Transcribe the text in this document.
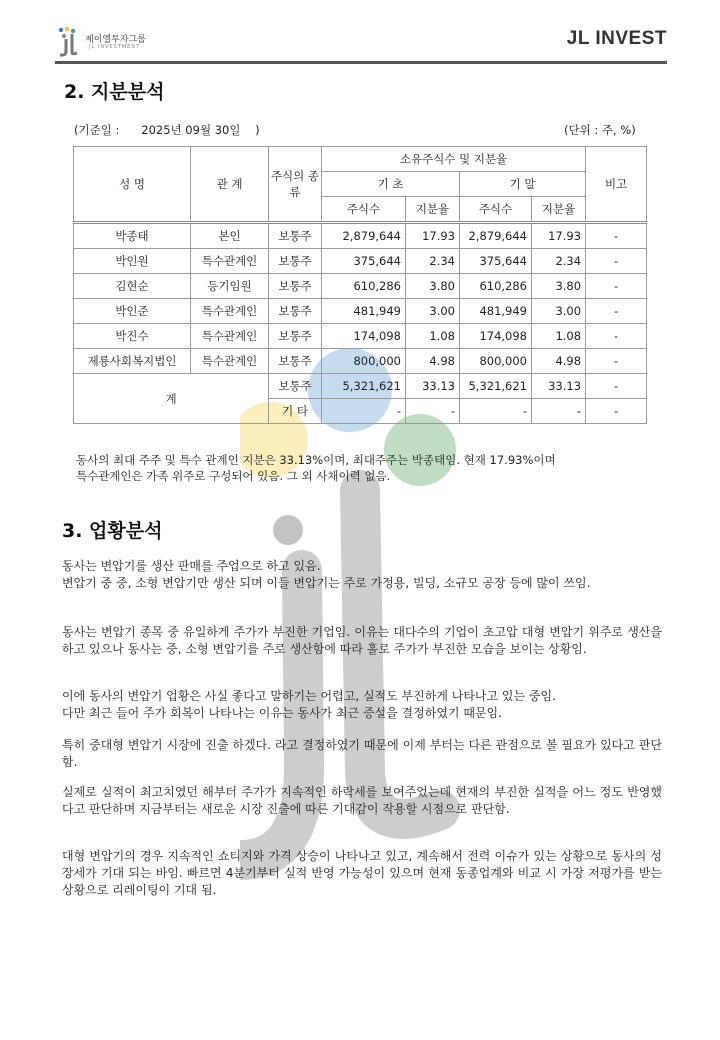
제이엘투자그룹
JL INVESTMENT	JL INVEST
2. 지분분석
(기준일 :      2025년 09월 30일    )	(단위 : 주, %)
성 명	관 계	주식의 종류	소유주식수 및 지분율				비고
			기 초		기 말		
			주식수	지분율	주식수	지분율	
박종태	본인	보통주	2,879,644	17.93	2,879,644	17.93	-
박인원	특수관계인	보통주	375,644	2.34	375,644	2.34	-
김현순	등기임원	보통주	610,286	3.80	610,286	3.80	-
박인준	특수관계인	보통주	481,949	3.00	481,949	3.00	-
박진수	특수관계인	보통주	174,098	1.08	174,098	1.08	-
제룡사회복지법인	특수관계인	보통주	800,000	4.98	800,000	4.98	-
계		보통주	5,321,621	33.13	5,321,621	33.13	-
		기 타	-	-	-	-	-
동사의 최대 주주 및 특수 관계인 지분은 33.13%이며, 최대주주는 박종태임. 현재 17.93%이며
특수관계인은 가족 위주로 구성되어 있음. 그 외 사채이력 없음.
3. 업황분석
동사는 변압기를 생산 판매를 주업으로 하고 있음.
변압기 중 중, 소형 변압기만 생산 되며 이들 변압기는 주로 가정용, 빌딩, 소규모 공장 등에 많이 쓰임.
동사는 변압기 종목 중 유일하게 주가가 부진한 기업임. 이유는 대다수의 기업이 초고압 대형 변압기 위주로 생산을 하고 있으나 동사는 중, 소형 변압기를 주로 생산함에 따라 홀로 주가가 부진한 모습을 보이는 상황임.
이에 동사의 변압기 업황은 사실 좋다고 말하기는 어렵고, 실적도 부진하게 나타나고 있는 중임.
다만 최근 들어 주가 회복이 나타나는 이유는 동사가 최근 증설을 결정하였기 때문임.
특히 중대형 변압기 시장에 진출 하겠다. 라고 결정하였기 때문에 이제 부터는 다른 관점으로 볼 필요가 있다고 판단함.
실제로 실적이 최고치였던 해부터 주가가 지속적인 하락세를 보여주었는데 현재의 부진한 실적을 어느 정도 반영했다고 판단하며 지금부터는 새로운 시장 진출에 따른 기대감이 작용할 시점으로 판단함.
대형 변압기의 경우 지속적인 쇼티지와 가격 상승이 나타나고 있고, 계속해서 전력 이슈가 있는 상황으로 동사의 성장세가 기대 되는 바임. 빠르면 4분기부터 실적 반영 가능성이 있으며 현재 동종업계와 비교 시 가장 저평가를 받는 상황으로 리레이팅이 기대 됨.
